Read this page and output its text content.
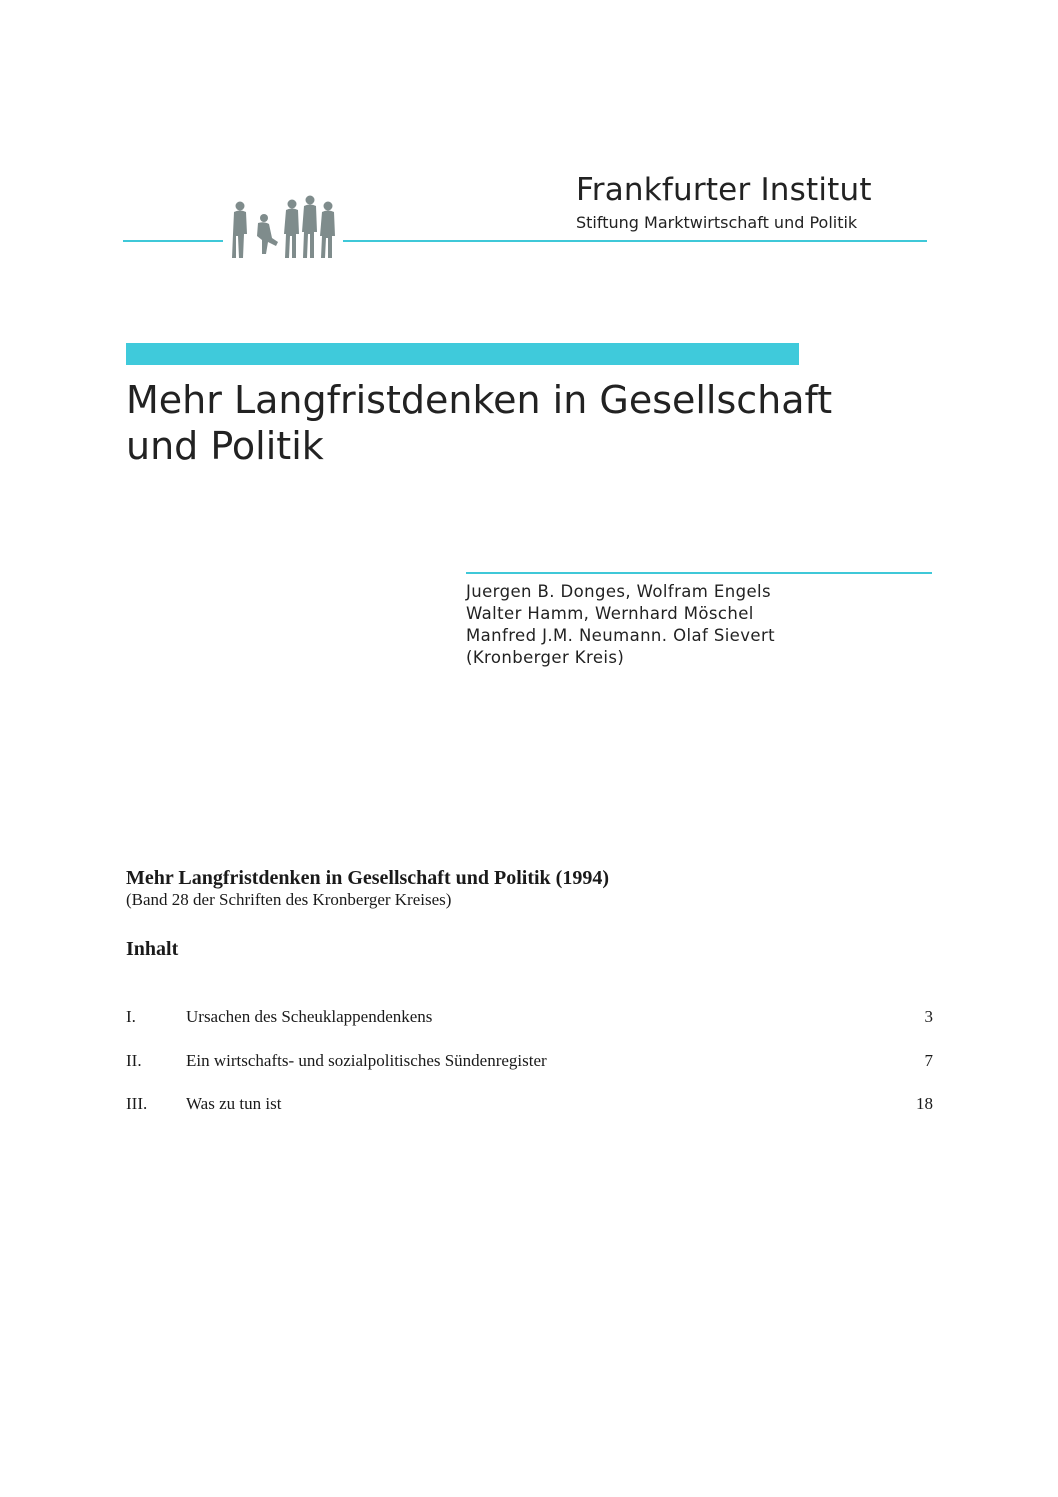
Frankfurter Institut
Stiftung Marktwirtschaft und Politik
Mehr Langfristdenken in Gesellschaft
und Politik
Juergen B. Donges, Wolfram Engels
Walter Hamm, Wernhard Möschel
Manfred J.M. Neumann. Olaf Sievert
(Kronberger Kreis)
Mehr Langfristdenken in Gesellschaft und Politik (1994)
(Band 28 der Schriften des Kronberger Kreises)
Inhalt
I.	Ursachen des Scheuklappendenkens	3
II.	Ein wirtschafts- und sozialpolitisches Sündenregister	7
III. Was zu tun ist	18
